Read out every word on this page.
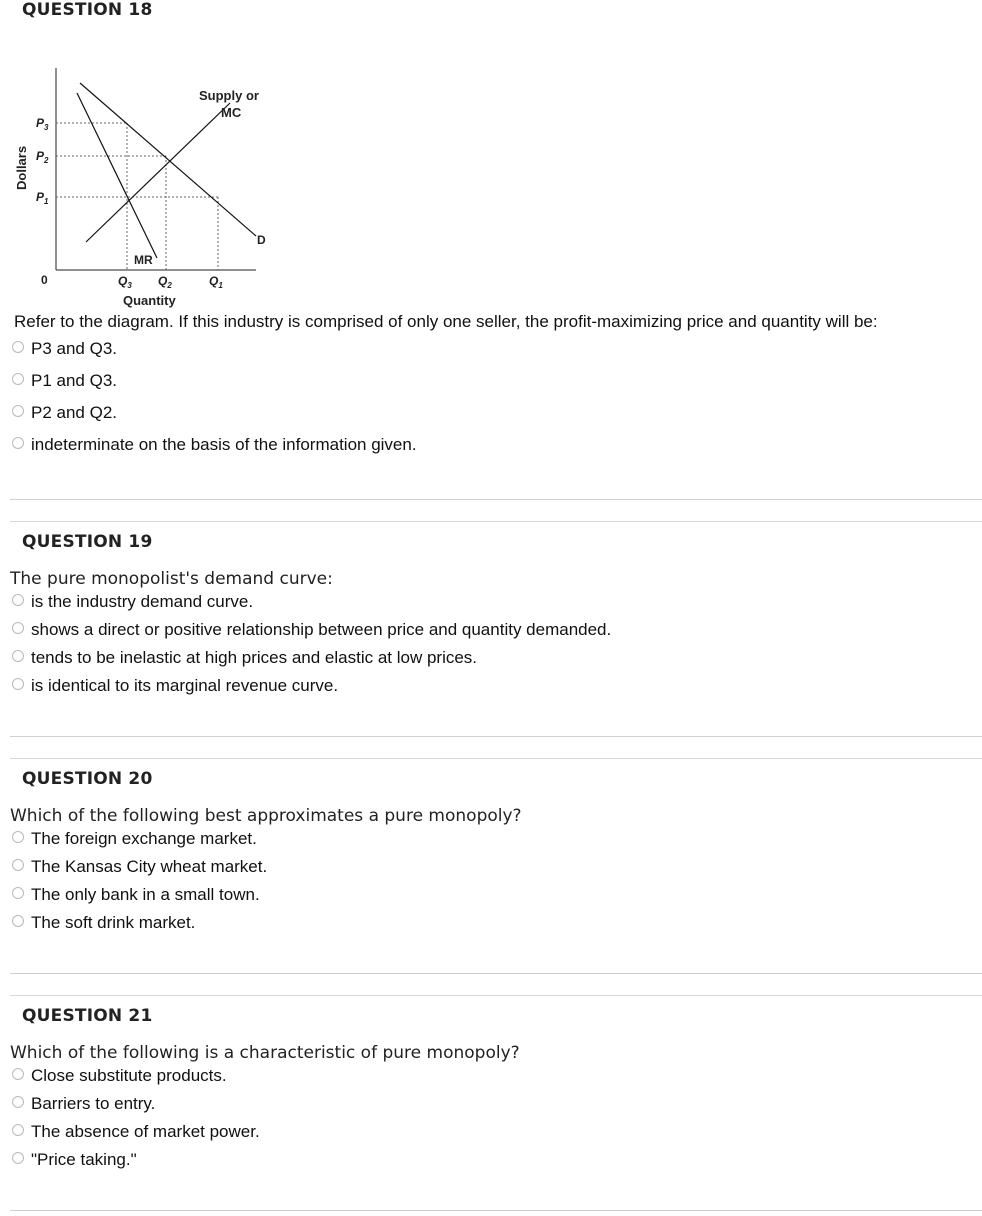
QUESTION 18
Dollars
$P_3$
$P_2$
$P_1$
0	$Q_3$ $Q_2$	$Q_1$
Quantity
Supply or
MC
D
MR
Refer to the diagram. If this industry is comprised of only one seller, the profit-maximizing price and quantity will be:
P3 and Q3.
P1 and Q3.
P2 and Q2.
indeterminate on the basis of the information given.
QUESTION 19
The pure monopolist's demand curve:
is the industry demand curve.
shows a direct or positive relationship between price and quantity demanded.
tends to be inelastic at high prices and elastic at low prices.
is identical to its marginal revenue curve.
QUESTION 20
Which of the following best approximates a pure monopoly?
The foreign exchange market.
The Kansas City wheat market.
The only bank in a small town.
The soft drink market.
QUESTION 21
Which of the following is a characteristic of pure monopoly?
Close substitute products.
Barriers to entry.
The absence of market power.
"Price taking."
